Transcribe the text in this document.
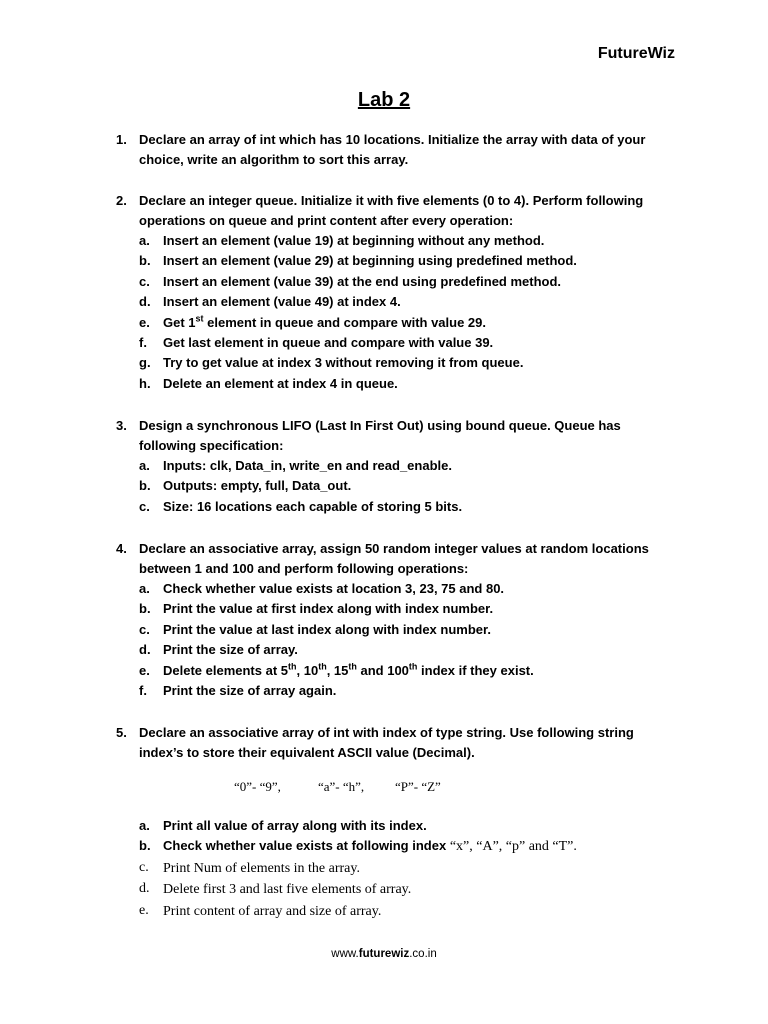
FutureWiz
Lab 2
1. Declare an array of int which has 10 locations. Initialize the array with data of your choice, write an algorithm to sort this array.
2. Declare an integer queue. Initialize it with five elements (0 to 4). Perform following operations on queue and print content after every operation:
a. Insert an element (value 19) at beginning without any method.
b. Insert an element (value 29) at beginning using predefined method.
c. Insert an element (value 39) at the end using predefined method.
d. Insert an element (value 49) at index 4.
e. Get 1st element in queue and compare with value 29.
f. Get last element in queue and compare with value 39.
g. Try to get value at index 3 without removing it from queue.
h. Delete an element at index 4 in queue.
3. Design a synchronous LIFO (Last In First Out) using bound queue. Queue has following specification:
a. Inputs: clk, Data_in, write_en and read_enable.
b. Outputs: empty, full, Data_out.
c. Size: 16 locations each capable of storing 5 bits.
4. Declare an associative array, assign 50 random integer values at random locations between 1 and 100 and perform following operations:
a. Check whether value exists at location 3, 23, 75 and 80.
b. Print the value at first index along with index number.
c. Print the value at last index along with index number.
d. Print the size of array.
e. Delete elements at 5th, 10th, 15th and 100th index if they exist.
f. Print the size of array again.
5. Declare an associative array of int with index of type string. Use following string index’s to store their equivalent ASCII value (Decimal).
“0”- “9”,	“a”- “h”, “P”- “Z”
a. Print all value of array along with its index.
b. Check whether value exists at following index “x”, “A”, “p” and “T”.
c. Print Num of elements in the array.
d. Delete first 3 and last five elements of array.
e. Print content of array and size of array.
www.futurewiz.co.in
